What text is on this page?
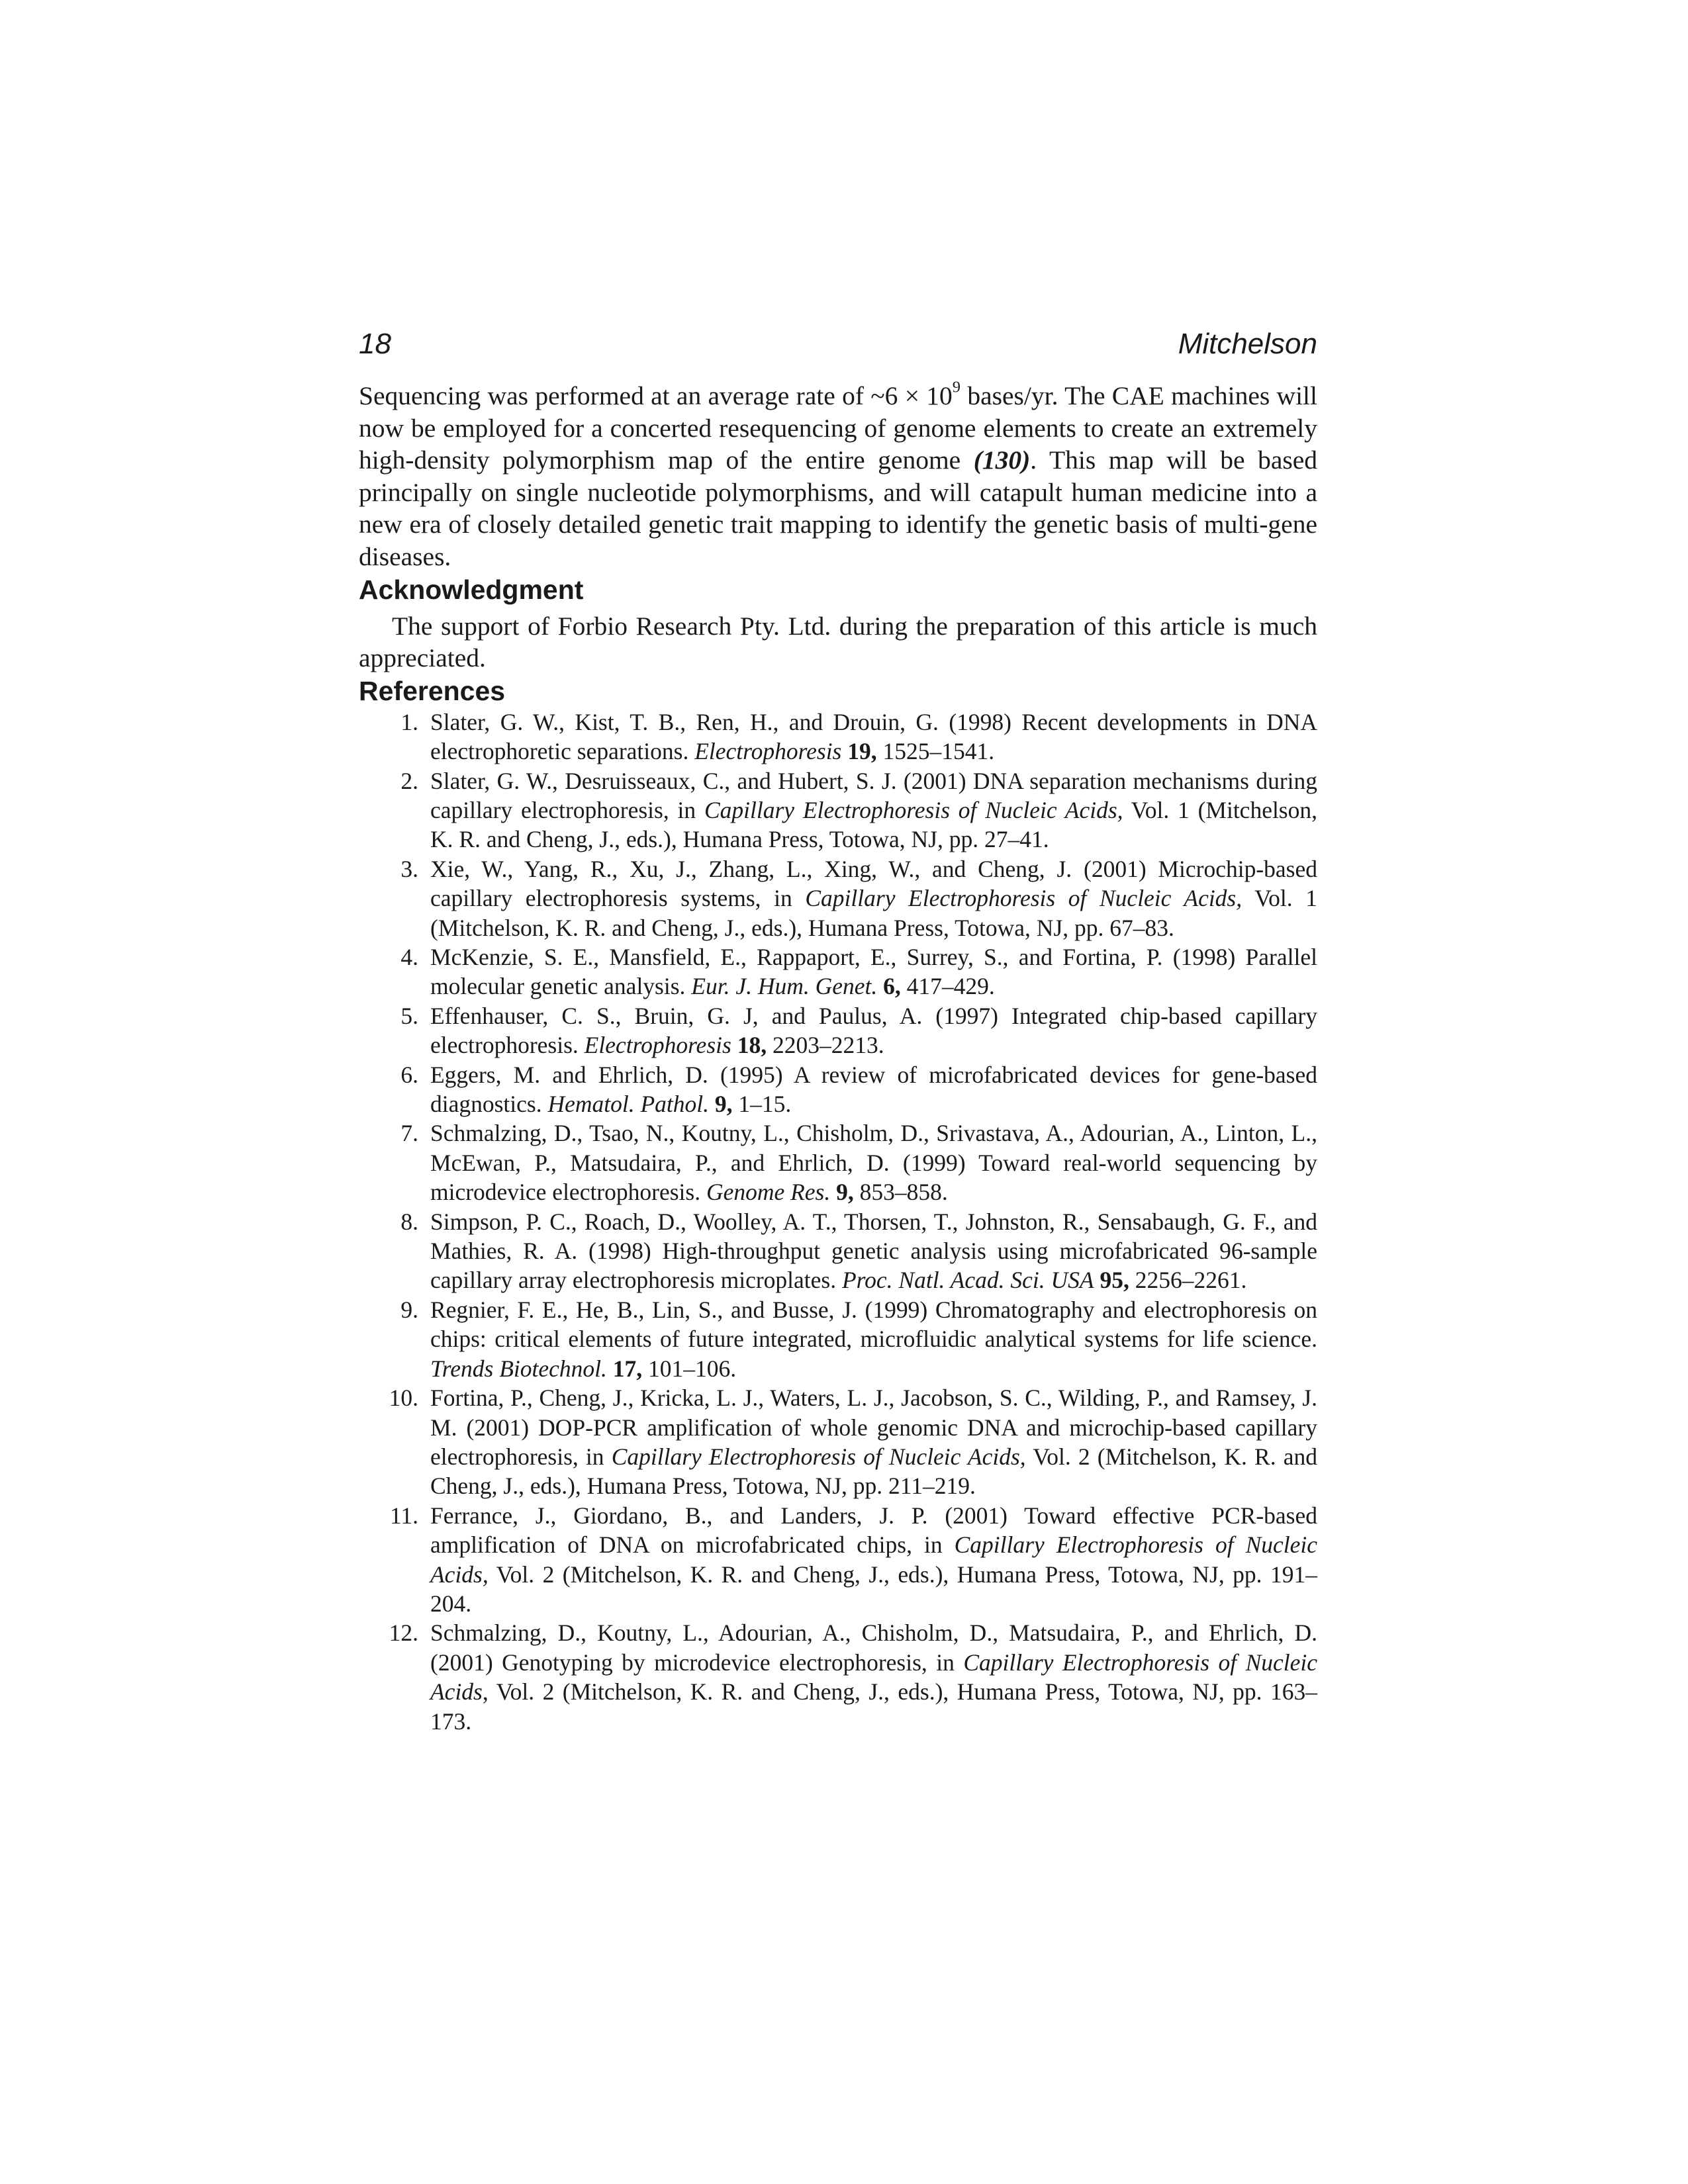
18	Mitchelson

Sequencing was performed at an average rate of ~6 × $10^9$ bases/yr. The CAE machines will now be employed for a concerted resequencing of genome elements to create an extremely high-density polymorphism map of the entire genome (130). This map will be based principally on single nucleotide polymorphisms, and will catapult human medicine into a new era of closely detailed genetic trait mapping to identify the genetic basis of multi-gene diseases.

Acknowledgment

The support of Forbio Research Pty. Ltd. during the preparation of this article is much appreciated.

References
1. Slater, G. W., Kist, T. B., Ren, H., and Drouin, G. (1998) Recent developments in DNA electrophoretic separations. Electrophoresis 19, 1525–1541.
2. Slater, G. W., Desruisseaux, C., and Hubert, S. J. (2001) DNA separation mechanisms during capillary electrophoresis, in Capillary Electrophoresis of Nucleic Acids, Vol. 1 (Mitchelson, K. R. and Cheng, J., eds.), Humana Press, Totowa, NJ, pp. 27–41.
3. Xie, W., Yang, R., Xu, J., Zhang, L., Xing, W., and Cheng, J. (2001) Microchip-based capillary electrophoresis systems, in Capillary Electrophoresis of Nucleic Acids, Vol. 1 (Mitchelson, K. R. and Cheng, J., eds.), Humana Press, Totowa, NJ, pp. 67–83.
4. McKenzie, S. E., Mansfield, E., Rappaport, E., Surrey, S., and Fortina, P. (1998) Parallel molecular genetic analysis. Eur. J. Hum. Genet. 6, 417–429.
5. Effenhauser, C. S., Bruin, G. J, and Paulus, A. (1997) Integrated chip-based capillary electrophoresis. Electrophoresis 18, 2203–2213.
6. Eggers, M. and Ehrlich, D. (1995) A review of microfabricated devices for gene-based diagnostics. Hematol. Pathol. 9, 1–15.
7. Schmalzing, D., Tsao, N., Koutny, L., Chisholm, D., Srivastava, A., Adourian, A., Linton, L., McEwan, P., Matsudaira, P., and Ehrlich, D. (1999) Toward real-world sequencing by microdevice electrophoresis. Genome Res. 9, 853–858.
8. Simpson, P. C., Roach, D., Woolley, A. T., Thorsen, T., Johnston, R., Sensabaugh, G. F., and Mathies, R. A. (1998) High-throughput genetic analysis using microfabricated 96-sample capillary array electrophoresis microplates. Proc. Natl. Acad. Sci. USA 95, 2256–2261.
9. Regnier, F. E., He, B., Lin, S., and Busse, J. (1999) Chromatography and electrophoresis on chips: critical elements of future integrated, microfluidic analytical systems for life science. Trends Biotechnol. 17, 101–106.
10. Fortina, P., Cheng, J., Kricka, L. J., Waters, L. J., Jacobson, S. C., Wilding, P., and Ramsey, J. M. (2001) DOP-PCR amplification of whole genomic DNA and microchip-based capillary electrophoresis, in Capillary Electrophoresis of Nucleic Acids, Vol. 2 (Mitchelson, K. R. and Cheng, J., eds.), Humana Press, Totowa, NJ, pp. 211–219.
11. Ferrance, J., Giordano, B., and Landers, J. P. (2001) Toward effective PCR-based amplification of DNA on microfabricated chips, in Capillary Electrophoresis of Nucleic Acids, Vol. 2 (Mitchelson, K. R. and Cheng, J., eds.), Humana Press, Totowa, NJ, pp. 191–204.
12. Schmalzing, D., Koutny, L., Adourian, A., Chisholm, D., Matsudaira, P., and Ehrlich, D. (2001) Genotyping by microdevice electrophoresis, in Capillary Electrophoresis of Nucleic Acids, Vol. 2 (Mitchelson, K. R. and Cheng, J., eds.), Humana Press, Totowa, NJ, pp. 163–173.
